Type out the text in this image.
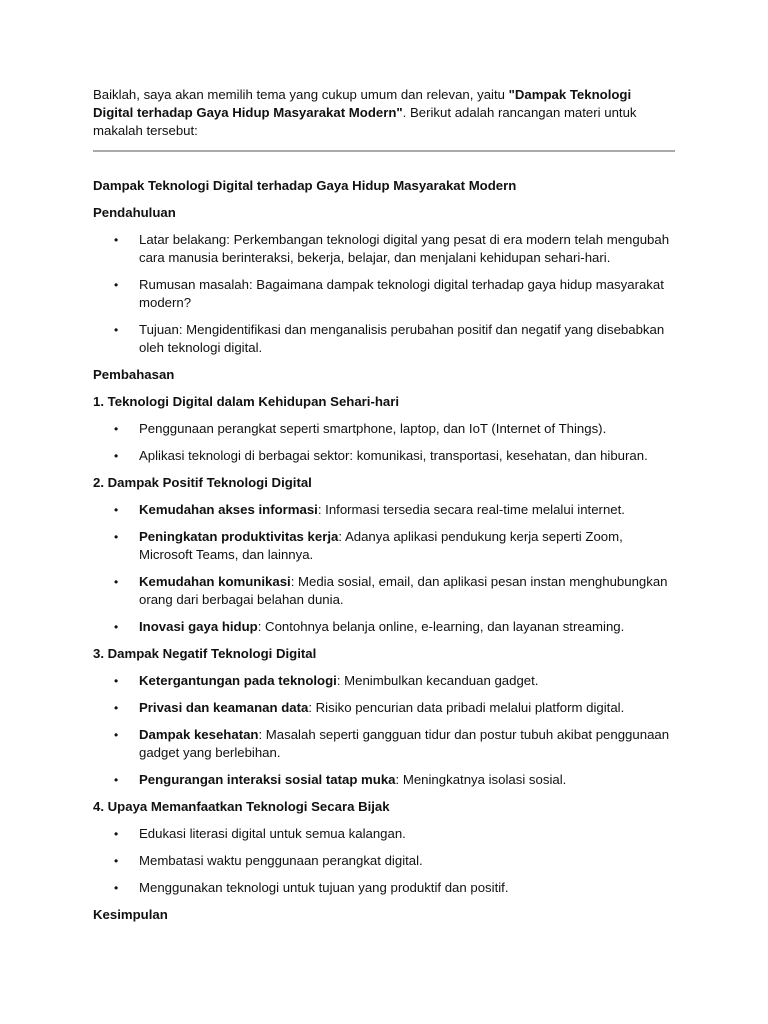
Baiklah, saya akan memilih tema yang cukup umum dan relevan, yaitu "Dampak Teknologi Digital terhadap Gaya Hidup Masyarakat Modern". Berikut adalah rancangan materi untuk makalah tersebut:

Dampak Teknologi Digital terhadap Gaya Hidup Masyarakat Modern

Pendahuluan

• Latar belakang: Perkembangan teknologi digital yang pesat di era modern telah mengubah cara manusia berinteraksi, bekerja, belajar, dan menjalani kehidupan sehari-hari.
• Rumusan masalah: Bagaimana dampak teknologi digital terhadap gaya hidup masyarakat modern?
• Tujuan: Mengidentifikasi dan menganalisis perubahan positif dan negatif yang disebabkan oleh teknologi digital.

Pembahasan

1. Teknologi Digital dalam Kehidupan Sehari-hari

• Penggunaan perangkat seperti smartphone, laptop, dan IoT (Internet of Things).
• Aplikasi teknologi di berbagai sektor: komunikasi, transportasi, kesehatan, dan hiburan.

2. Dampak Positif Teknologi Digital

• Kemudahan akses informasi: Informasi tersedia secara real-time melalui internet.
• Peningkatan produktivitas kerja: Adanya aplikasi pendukung kerja seperti Zoom, Microsoft Teams, dan lainnya.
• Kemudahan komunikasi: Media sosial, email, dan aplikasi pesan instan menghubungkan orang dari berbagai belahan dunia.
• Inovasi gaya hidup: Contohnya belanja online, e-learning, dan layanan streaming.

3. Dampak Negatif Teknologi Digital

• Ketergantungan pada teknologi: Menimbulkan kecanduan gadget.
• Privasi dan keamanan data: Risiko pencurian data pribadi melalui platform digital.
• Dampak kesehatan: Masalah seperti gangguan tidur dan postur tubuh akibat penggunaan gadget yang berlebihan.
• Pengurangan interaksi sosial tatap muka: Meningkatnya isolasi sosial.

4. Upaya Memanfaatkan Teknologi Secara Bijak

• Edukasi literasi digital untuk semua kalangan.
• Membatasi waktu penggunaan perangkat digital.
• Menggunakan teknologi untuk tujuan yang produktif dan positif.

Kesimpulan
